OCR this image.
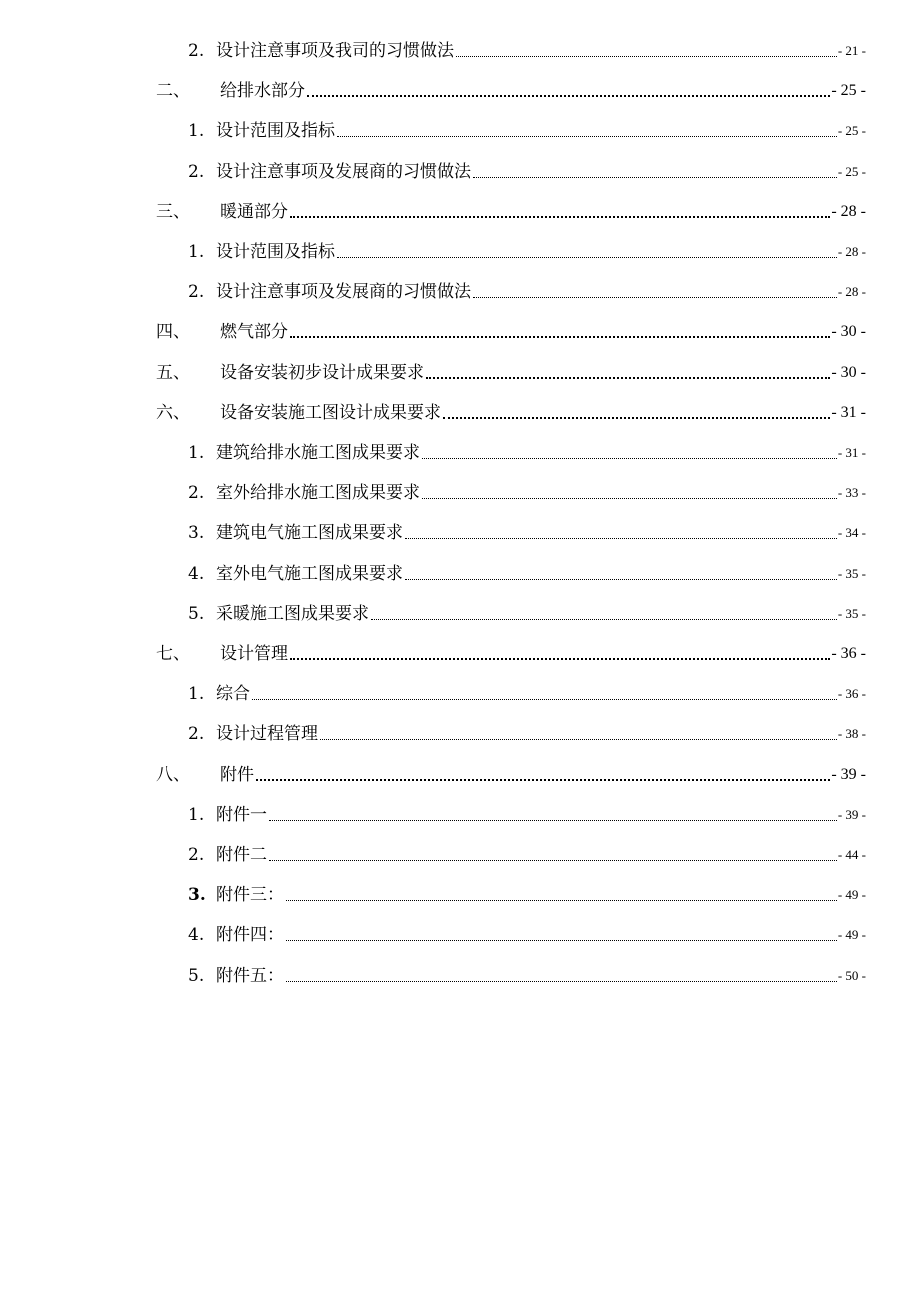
2. 设计注意事项及我司的习惯做法	- 21 -
二、	给排水部分	- 25 -
1. 设计范围及指标	- 25 -
2. 设计注意事项及发展商的习惯做法	- 25 -
三、	暖通部分	- 28 -
1. 设计范围及指标	- 28 -
2. 设计注意事项及发展商的习惯做法	- 28 -
四、	燃气部分	- 30 -
五、	设备安装初步设计成果要求	- 30 -
六、	设备安装施工图设计成果要求	- 31 -
1. 建筑给排水施工图成果要求	- 31 -
2. 室外给排水施工图成果要求	- 33 -
3. 建筑电气施工图成果要求	- 34 -
4. 室外电气施工图成果要求	- 35 -
5. 采暖施工图成果要求	- 35 -
七、	设计管理	- 36 -
1. 综合	- 36 -
2. 设计过程管理	- 38 -
八、	附件	- 39 -
1. 附件一	- 39 -
2. 附件二	- 44 -
3. 附件三：	- 49 -
4. 附件四：	- 49 -
5. 附件五：	- 50 -
